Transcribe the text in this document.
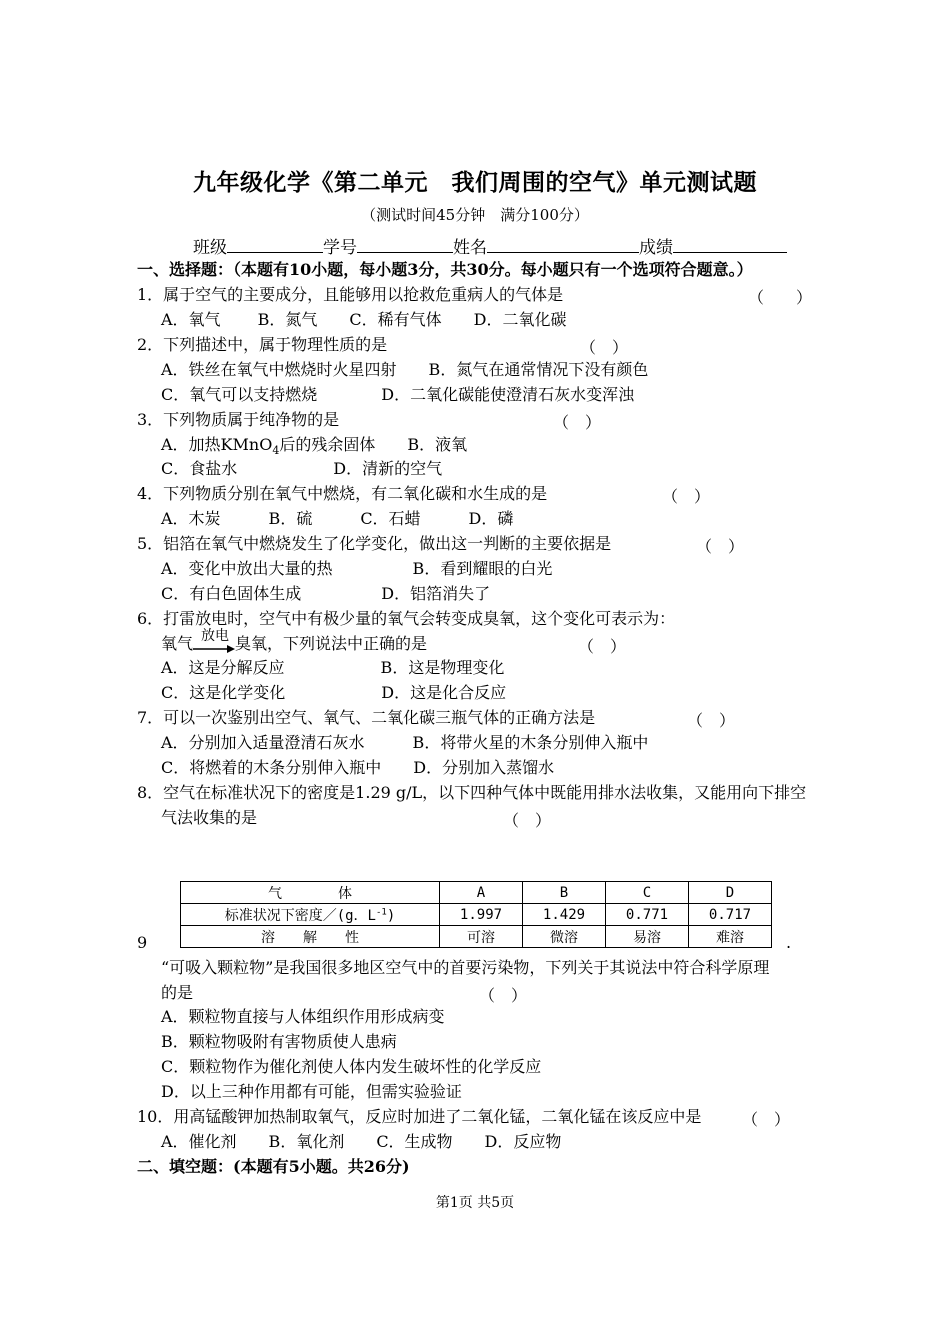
九年级化学《第二单元　我们周围的空气》单元测试题
（测试时间45分钟　满分100分）
班级	学号	姓名	成绩
一、选择题：（本题有10小题，每小题3分，共30分。每小题只有一个选项符合题意。）
1．属于空气的主要成分，且能够用以抢救危重病人的气体是	（　　）
A．氧气　　 B．氮气　　C．稀有气体　　D．二氧化碳
2．下列描述中，属于物理性质的是	（　）
A．铁丝在氧气中燃烧时火星四射　　B．氮气在通常情况下没有颜色
C．氧气可以支持燃烧　　　　D．二氧化碳能使澄清石灰水变浑浊
3．下列物质属于纯净物的是	（　）
A．加热KMnO$_4$后的残余固体　　B．液氧
C．食盐水　　　　　　D．清新的空气
4．下列物质分别在氧气中燃烧，有二氧化碳和水生成的是	（　）
A．木炭　　　B．硫　　　C．石蜡　　　D．磷
5．铝箔在氧气中燃烧发生了化学变化，做出这一判断的主要依据是	（　）
A．变化中放出大量的热　　　　　B．看到耀眼的白光
C．有白色固体生成　　　　　D．铝箔消失了
6．打雷放电时，空气中有极少量的氧气会转变成臭氧，这个变化可表示为：
氧气 放电 臭氧，下列说法中正确的是	（　）
A．这是分解反应　　　　　　B．这是物理变化
C．这是化学变化　　　　　　D．这是化合反应
7．可以一次鉴别出空气、氧气、二氧化碳三瓶气体的正确方法是	（　）
A．分别加入适量澄清石灰水　　　B．将带火星的木条分别伸入瓶中
C．将燃着的木条分别伸入瓶中　　D．分别加入蒸馏水
8．空气在标准状况下的密度是1.29 g/L，以下四种气体中既能用排水法收集，又能用向下排空
气法收集的是	（　）
气　　　　体	A	B	C	D
标准状况下密度／(g．$L^{-1}$)	1.997	1.429	0.771	0.717
溶　　解　　性	可溶	微溶	易溶	难溶
9	.
“可吸入颗粒物”是我国很多地区空气中的首要污染物，下列关于其说法中符合科学原理
的是	（　）
A．颗粒物直接与人体组织作用形成病变
B．颗粒物吸附有害物质使人患病
C．颗粒物作为催化剂使人体内发生破坏性的化学反应
D．以上三种作用都有可能，但需实验验证
10．用高锰酸钾加热制取氧气，反应时加进了二氧化锰，二氧化锰在该反应中是	（　）
A．催化剂　　B．氧化剂　　C．生成物　　D．反应物
二、填空题：(本题有5小题。共26分)
第1页 共5页
